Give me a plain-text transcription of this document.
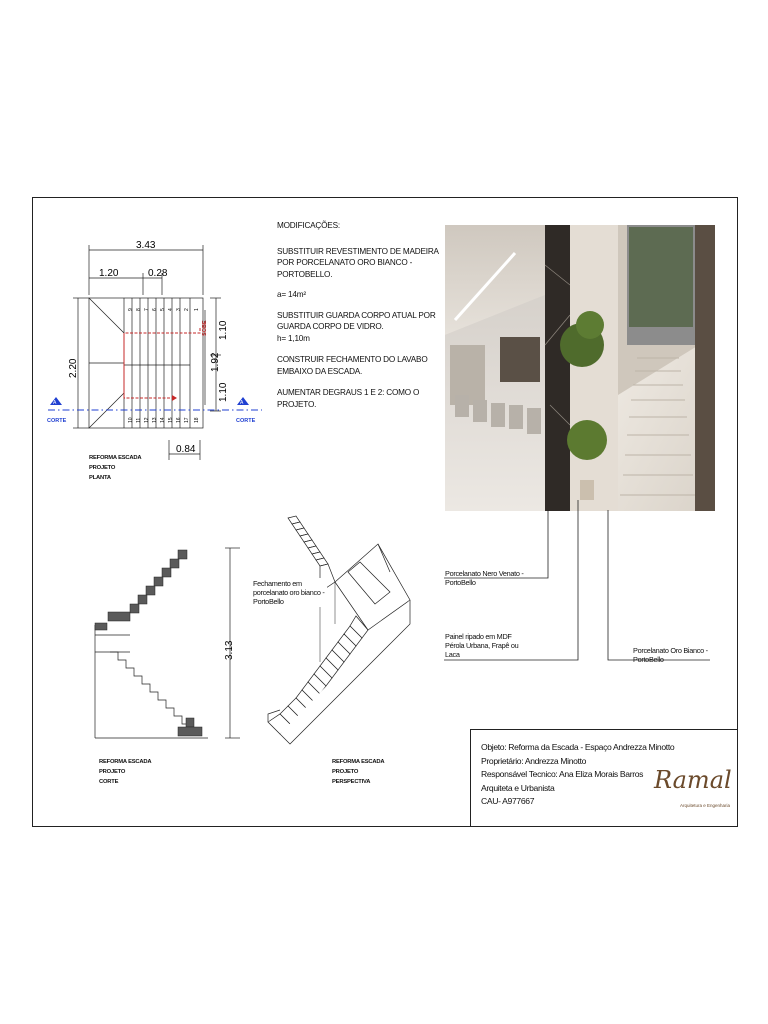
3.43
1.20	0.28
2.20
1.10
1.10
1.92
0.84
SOBE
CORTE	CORTE
A	A
9 8 7 6 5 4 3 2 1
10 11 12 13 14 15 16 17 18
REFORMA ESCADA
PROJETO
PLANTA

MODIFICAÇÕES:

SUBSTITUIR REVESTIMENTO DE MADEIRA POR PORCELANATO ORO BIANCO - PORTOBELLO.

a= 14m²

SUBSTITUIR GUARDA CORPO ATUAL POR GUARDA CORPO DE VIDRO.

h= 1,10m

CONSTRUIR FECHAMENTO DO LAVABO EMBAIXO DA ESCADA.

AUMENTAR DEGRAUS 1 E 2: COMO O PROJETO.

Porcelanato Nero Venato -
PortoBello
Painel ripado em MDF
Pérola Urbana, Frapê ou
Laca	Porcelanato Oro Bianco -
PortoBello
3.13
REFORMA ESCADA
PROJETO
CORTE
Fechamento em
porcelanato oro bianco -
PortoBello
REFORMA ESCADA
PROJETO
PERSPECTIVA
Objeto: Reforma da Escada - Espaço Andrezza Minotto
Proprietário: Andrezza Minotto
Responsável Tecnico: Ana Eliza Morais Barros
Arquiteta e Urbanista
CAU- A977667
Ramal
Arquitetura e Engenharia
